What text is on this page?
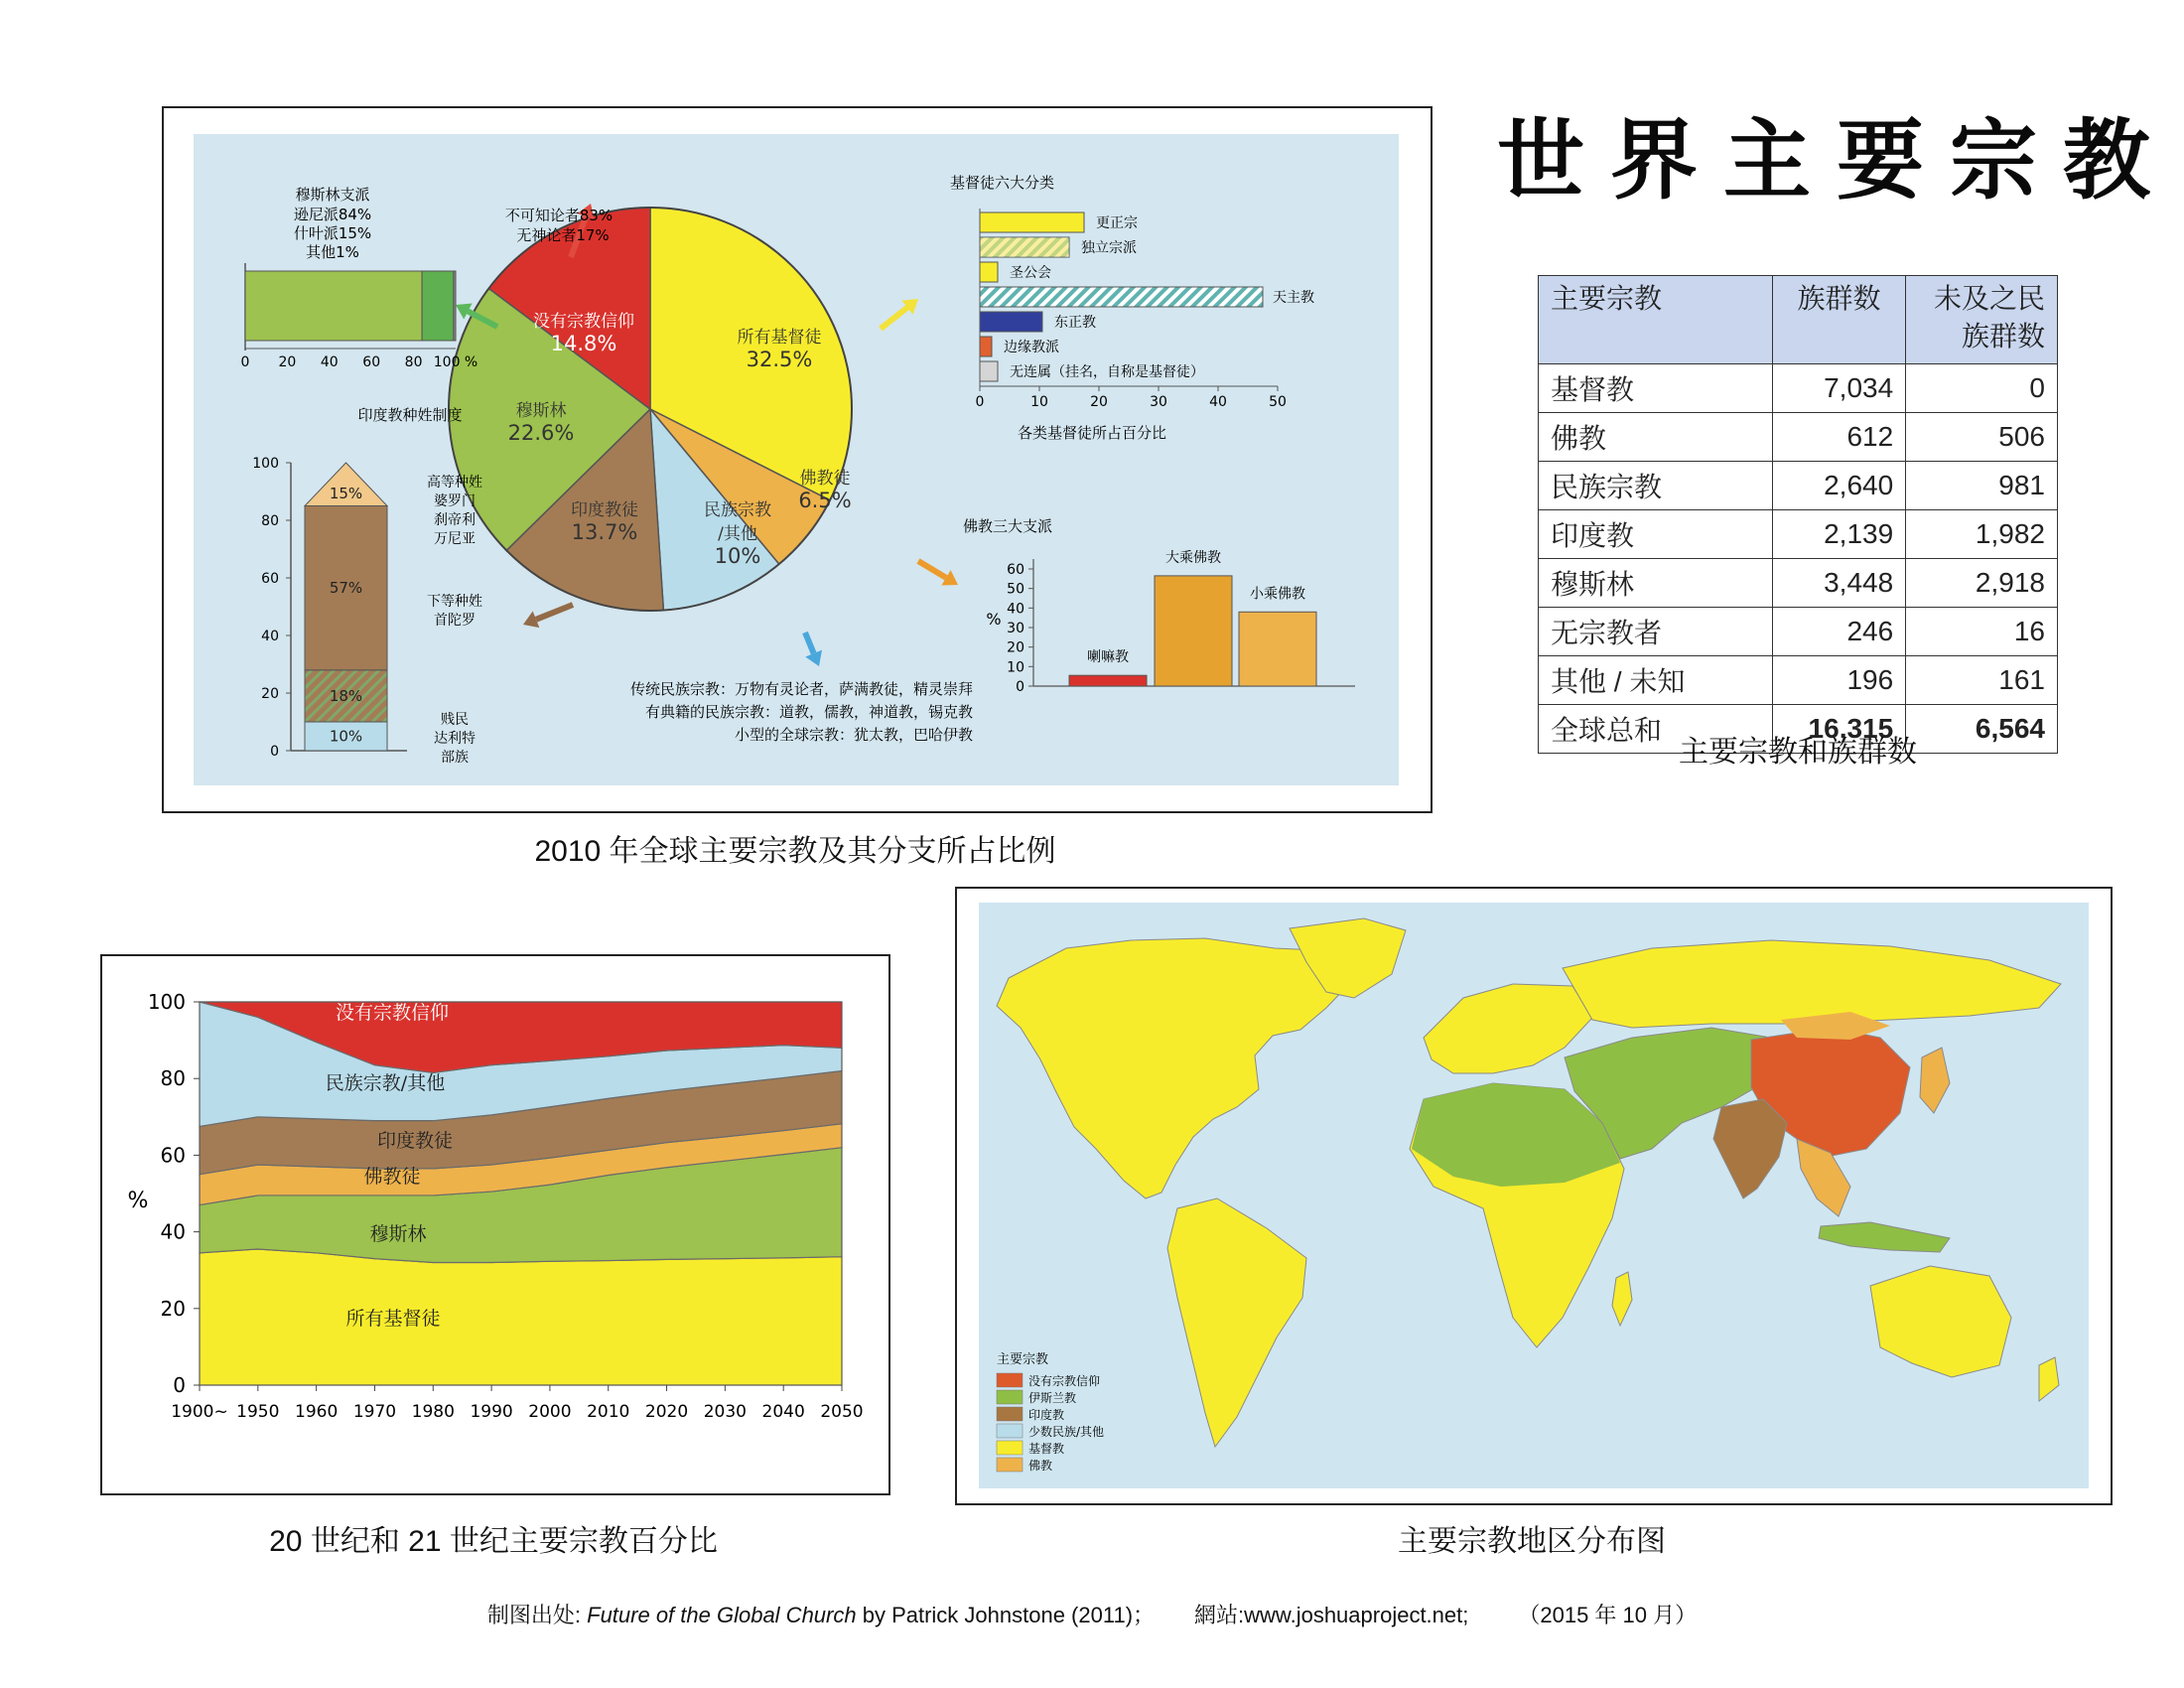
世界主要宗教
所有基督徒
32.5%
穆斯林
22.6%
没有宗教信仰
14.8%
印度教徒
13.7%
民族宗教
/其他
10%
佛教徒
6.5%
穆斯林支派
逊尼派84%
什叶派15%
其他1%
0 20 40 60 80 100 %
不可知论者83%
无神论者17%
基督徒六大分类
更正宗
独立宗派
圣公会
天主教
东正教
边缘教派
无连属（挂名，自称是基督徒）
0	10	20	30	40	50
各类基督徒所占百分比
印度教种姓制度
0
20
40
60
80
100
10%
18%
57%
15%
部族
贱民
达利特
下等种姓
首陀罗
高等种姓
婆罗门
刹帝利
万尼亚
佛教三大支派
0
10
20
30
40
50
60
%
喇嘛教
大乘佛教
小乘佛教
传统民族宗教：万物有灵论者，萨满教徒，精灵崇拜
有典籍的民族宗教：道教，儒教，神道教，锡克教
小型的全球宗教：犹太教，巴哈伊教
2010 年全球主要宗教及其分支所占比例
主要宗教	族群数	未及之民族群数
基督教	7,034	0
佛教	612	506
民族宗教	2,640	981
印度教	2,139	1,982
穆斯林	3,448	2,918
无宗教者	246	16
其他 / 未知	196	161
全球总和	16,315	6,564
主要宗教和族群数
0
20
40
60
80
100
%
1900~ 1950 1960 1970 1980 1990 2000 2010 2020 2030 2040 2050
没有宗教信仰
民族宗教/其他
印度教徒
佛教徒
穆斯林
所有基督徒
20 世纪和 21 世纪主要宗教百分比
主要宗教
没有宗教信仰
伊斯兰教
印度教
少数民族/其他
基督教
佛教
主要宗教地区分布图
制图出处: Future of the Global Church by Patrick Johnstone (2011)； 網站:www.joshuaproject.net; （2015 年 10 月）
